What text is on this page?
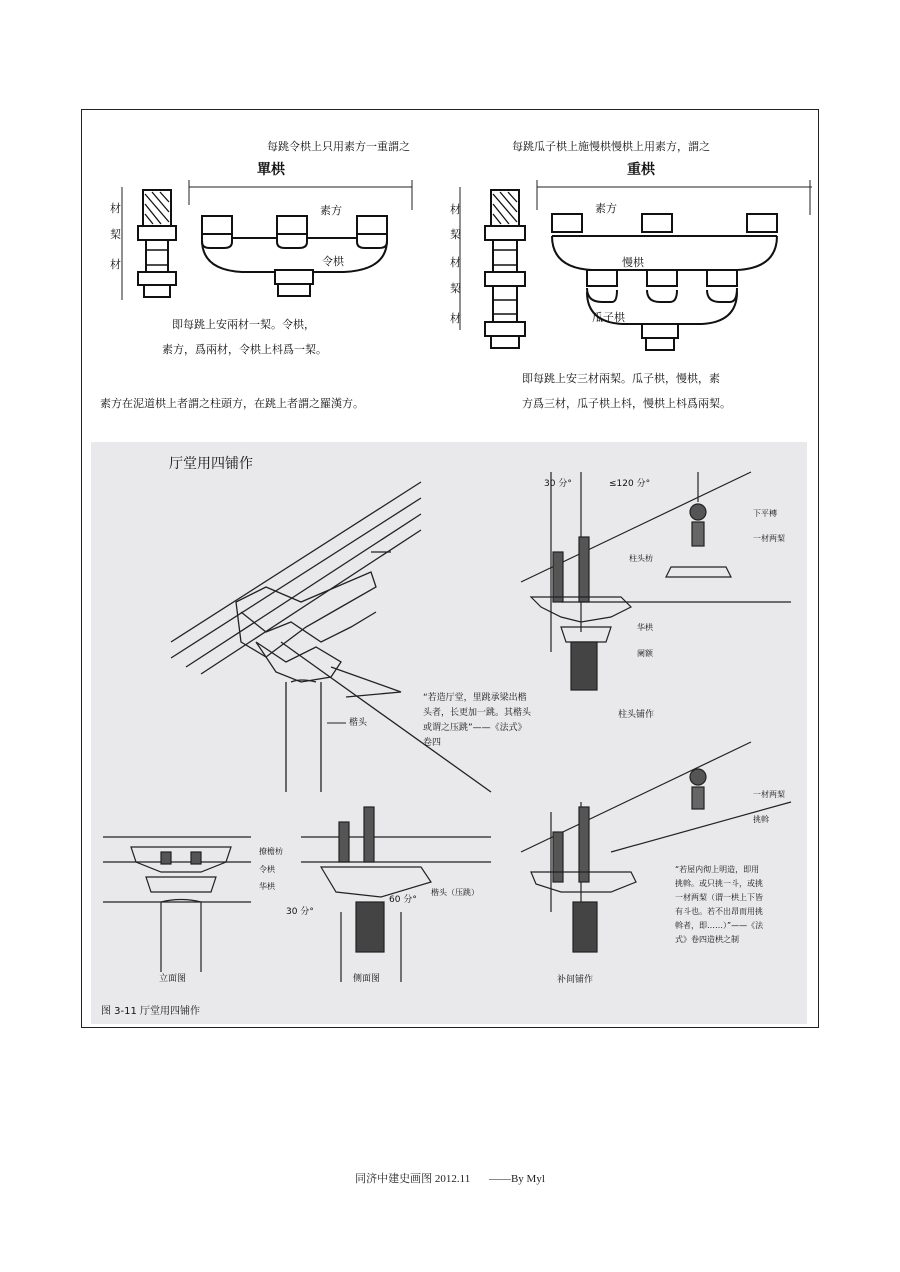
每跳令栱上只用素方一重謂之
單栱
素方
令栱
材
栔
材
即每跳上安兩材一栔。令栱，
素方，爲兩材，令栱上枓爲一栔。
每跳瓜子栱上施慢栱慢栱上用素方，謂之
重栱
素方
慢栱
瓜子栱
材
栔
材
栔
材
即每跳上安三材兩栔。瓜子栱，慢栱，素
方爲三材，瓜子栱上枓，慢栱上枓爲兩栔。
素方在泥道栱上者謂之柱頭方，在跳上者謂之羅漢方。
厅堂用四铺作
楷头
“若造厅堂，里跳承梁出楷
头者，长更加一跳。其楷头
或谓之压跳”——《法式》
卷四
30 分°	≤120 分°
下平槫
一材两栔
柱头枋
华栱
阑额
柱头铺作
一材两栔
挑斡
“若屋内彻上明造，即用
挑斡。或只挑一斗，或挑
一材两栔（谓一栱上下皆
有斗也。若不出昂而用挑
斡者，即……）”——《法
式》卷四造栱之制
补间铺作
撩檐枋
令栱
华栱
立面图
30 分°
60 分°
楷头（压跳）
侧面图
图 3-11 厅堂用四铺作
同济中建史画图 2012.11 ——By Myl
